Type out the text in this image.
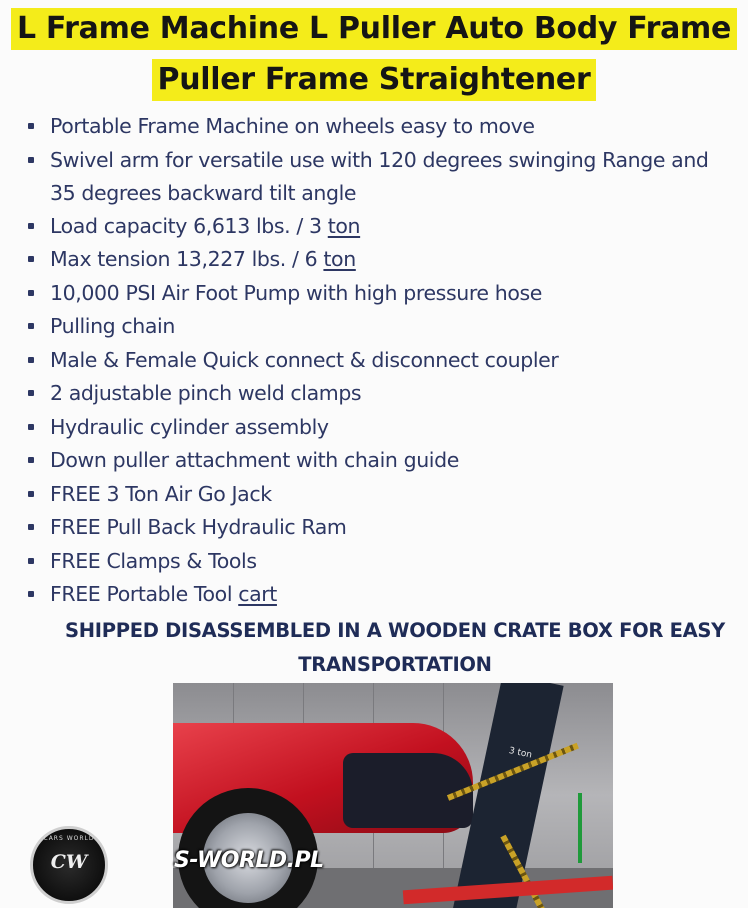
L Frame Machine L Puller Auto Body Frame
Puller Frame Straightener
Portable Frame Machine on wheels easy to move
Swivel arm for versatile use with 120 degrees swinging Range and
35 degrees backward tilt angle
Load capacity 6,613 lbs. / 3 ton
Max tension 13,227 lbs. / 6 ton
10,000 PSI Air Foot Pump with high pressure hose
Pulling chain
Male & Female Quick connect & disconnect coupler
2 adjustable pinch weld clamps
Hydraulic cylinder assembly
Down puller attachment with chain guide
FREE 3 Ton Air Go Jack
FREE Pull Back Hydraulic Ram
FREE Clamps & Tools
FREE Portable Tool cart
SHIPPED DISASSEMBLED IN A WOODEN CRATE BOX FOR EASY
TRANSPORTATION
3 ton
CARS WORLD
CW	S-WORLD.PL
